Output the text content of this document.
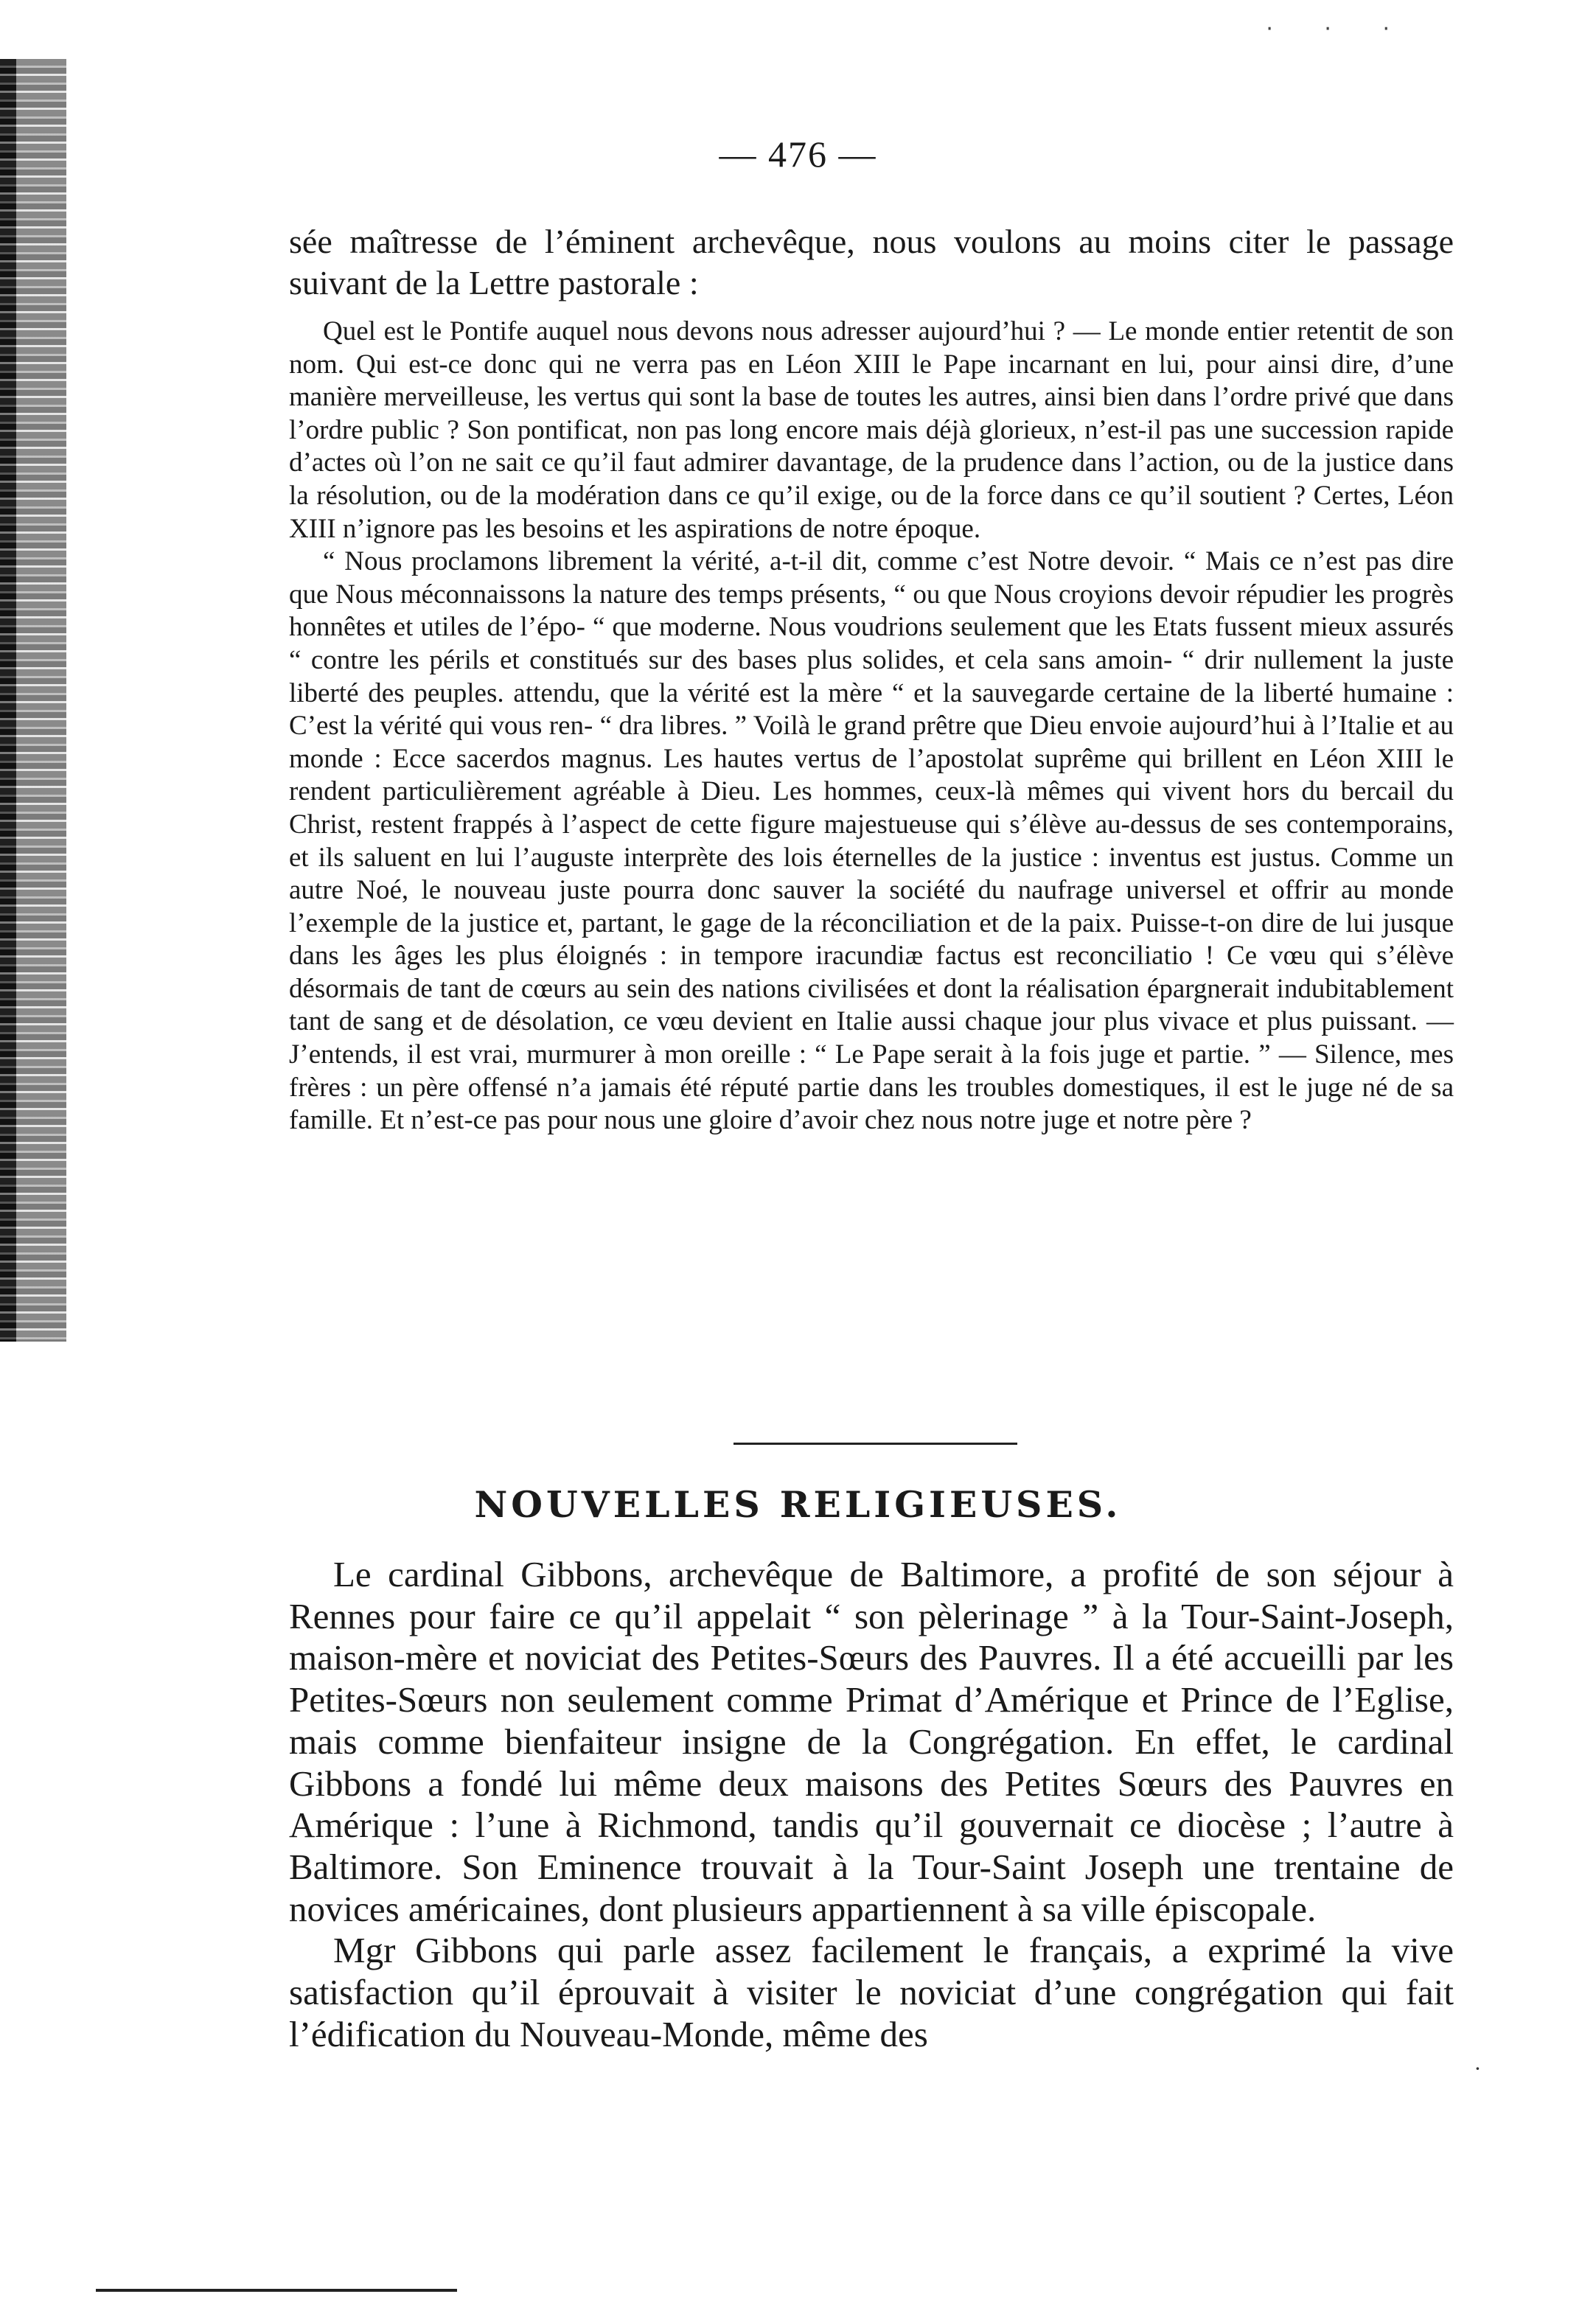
· · ·
— 476 —

sée maîtresse de l’éminent archevêque, nous voulons au moins citer le passage suivant de la Lettre pastorale :

Quel est le Pontife auquel nous devons nous adresser aujourd’hui ? — Le monde entier retentit de son nom. Qui est-ce donc qui ne verra pas en Léon XIII le Pape incarnant en lui, pour ainsi dire, d’une manière merveilleuse, les vertus qui sont la base de toutes les autres, ainsi bien dans l’ordre privé que dans l’ordre public ? Son pontificat, non pas long encore mais déjà glorieux, n’est-il pas une succession rapide d’actes où l’on ne sait ce qu’il faut admirer davantage, de la prudence dans l’action, ou de la justice dans la résolution, ou de la modération dans ce qu’il exige, ou de la force dans ce qu’il soutient ? Certes, Léon XIII n’ignore pas les besoins et les aspirations de notre époque.

“ Nous proclamons librement la vérité, a-t-il dit, comme c’est Notre devoir. “ Mais ce n’est pas dire que Nous méconnaissons la nature des temps présents, “ ou que Nous croyions devoir répudier les progrès honnêtes et utiles de l’épo- “ que moderne. Nous voudrions seulement que les Etats fussent mieux assurés “ contre les périls et constitués sur des bases plus solides, et cela sans amoin- “ drir nullement la juste liberté des peuples. attendu, que la vérité est la mère “ et la sauvegarde certaine de la liberté humaine : C’est la vérité qui vous ren- “ dra libres. ” Voilà le grand prêtre que Dieu envoie aujourd’hui à l’Italie et au monde : Ecce sacerdos magnus. Les hautes vertus de l’apostolat suprême qui brillent en Léon XIII le rendent particulièrement agréable à Dieu. Les hommes, ceux-là mêmes qui vivent hors du bercail du Christ, restent frappés à l’aspect de cette figure majestueuse qui s’élève au-dessus de ses contemporains, et ils saluent en lui l’auguste interprète des lois éternelles de la justice : inventus est justus. Comme un autre Noé, le nouveau juste pourra donc sauver la société du naufrage universel et offrir au monde l’exemple de la justice et, partant, le gage de la réconciliation et de la paix. Puisse-t-on dire de lui jusque dans les âges les plus éloignés : in tempore iracundiæ factus est reconciliatio ! Ce vœu qui s’élève désormais de tant de cœurs au sein des nations civilisées et dont la réalisation épargnerait indubitablement tant de sang et de désolation, ce vœu devient en Italie aussi chaque jour plus vivace et plus puissant. — J’entends, il est vrai, murmurer à mon oreille : “ Le Pape serait à la fois juge et partie. ” — Silence, mes frères : un père offensé n’a jamais été réputé partie dans les troubles domestiques, il est le juge né de sa famille. Et n’est-ce pas pour nous une gloire d’avoir chez nous notre juge et notre père ?

NOUVELLES RELIGIEUSES.

Le cardinal Gibbons, archevêque de Baltimore, a profité de son séjour à Rennes pour faire ce qu’il appelait “ son pèlerinage ” à la Tour-Saint-Joseph, maison-mère et noviciat des Petites-Sœurs des Pauvres. Il a été accueilli par les Petites-Sœurs non seulement comme Primat d’Amérique et Prince de l’Eglise, mais comme bienfaiteur insigne de la Congrégation. En effet, le cardinal Gibbons a fondé lui même deux maisons des Petites Sœurs des Pauvres en Amérique : l’une à Richmond, tandis qu’il gouvernait ce diocèse ; l’autre à Baltimore. Son Eminence trouvait à la Tour-Saint Joseph une trentaine de novices américaines, dont plusieurs appartiennent à sa ville épiscopale.

Mgr Gibbons qui parle assez facilement le français, a exprimé la vive satisfaction qu’il éprouvait à visiter le noviciat d’une congrégation qui fait l’édification du Nouveau-Monde, même des

·
